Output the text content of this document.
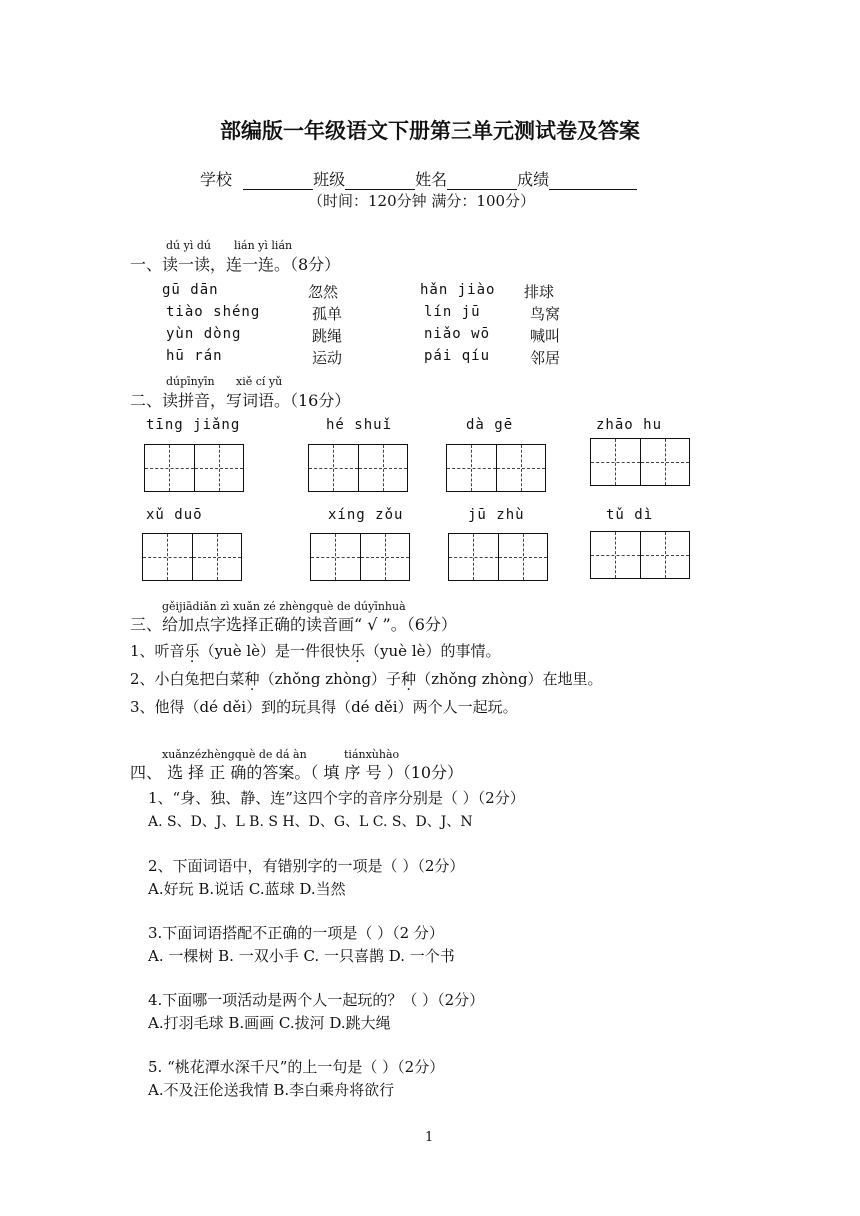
部编版一年级语文下册第三单元测试卷及答案
学校	班级	姓名	成绩
（时间：120分钟 满分：100分）
dú yì dú lián yì lián
一、读一读，连一连。（8分）
gū dān	忽然	hǎn jiào 排球
tiào shéng	孤单	lín jū	鸟窝
yùn dòng	跳绳	niǎo wō	喊叫
hū rán	运动	pái qíu	邻居
dúpīnyīn xiě cí yǔ
二、读拼音，写词语。（16分）
tīng jiǎng	hé shuǐ	dà gē	zhāo hu
xǔ duō	xíng zǒu	jū zhù	tǔ dì
gěijiādiǎn zì xuǎn zé zhèngquè de dúyīnhuà
三、给加点字选择正确的读音画“ √ ”。（6分）
1、听音乐（yuè lè）是一件很快乐（yuè lè）的事情。
2、小白兔把白菜种（zhǒng zhòng）子种（zhǒng zhòng）在地里。
3、他得（dé děi）到的玩具得（dé děi）两个人一起玩。
xuǎnzézhèngquè de dá àn	tiánxùhào
四、 选 择 正 确的答案。（ 填 序 号 ）（10分）
1、“身、独、静、连”这四个字的音序分别是（ ）（2分）
A. S、D、J、L B. S H、D、G、L C. S、D、J、N
2、下面词语中，有错别字的一项是（ ）（2分）
A.好玩 B.说话 C.蓝球 D.当然
3.下面词语搭配不正确的一项是（ ）（2 分）
A. 一棵树 B. 一双小手 C. 一只喜鹊 D. 一个书
4.下面哪一项活动是两个人一起玩的？（ ）（2分）
A.打羽毛球 B.画画 C.拔河 D.跳大绳
5. “桃花潭水深千尺”的上一句是（ ）（2分）
A.不及汪伦送我情 B.李白乘舟将欲行
1
